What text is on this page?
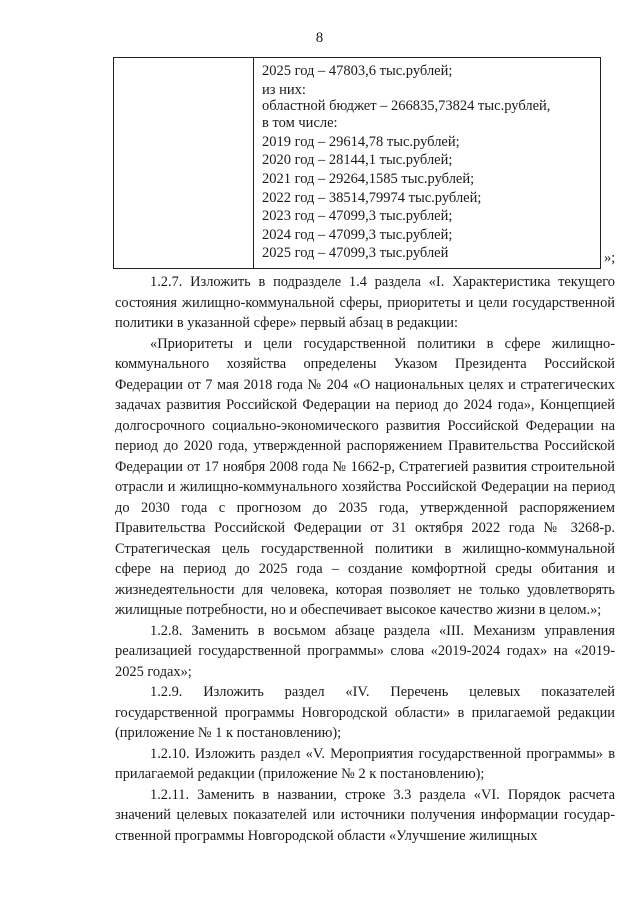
8
2025 год – 47803,6 тыс.рублей;
из них:
областной бюджет – 266835,73824 тыс.рублей,
в том числе:
2019 год – 29614,78 тыс.рублей;
2020 год – 28144,1 тыс.рублей;
2021 год – 29264,1585 тыс.рублей;
2022 год – 38514,79974 тыс.рублей;
2023 год – 47099,3 тыс.рублей;
2024 год – 47099,3 тыс.рублей;
2025 год – 47099,3 тыс.рублей	»;

1.2.7. Изложить в подразделе 1.4 раздела «I. Характеристика текущего состояния жилищно-коммунальной сферы, приоритеты и цели государственной политики в указанной сфере» первый абзац в редакции:

«Приоритеты и цели государственной политики в сфере жилищно-коммунального хозяйства определены Указом Президента Российской Федерации от 7 мая 2018 года № 204 «О национальных целях и стратегических задачах развития Российской Федерации на период до 2024 года», Концепцией долгосрочного социально-экономического развития Российской Федерации на период до 2020 года, утвержденной распоряжением Правительства Российской Федерации от 17 ноября 2008 года № 1662-р, Стратегией развития строительной отрасли и жилищно-коммунального хозяйства Российской Федерации на период до 2030 года с прогнозом до 2035 года, утвержденной распоряжением Правительства Российской Федерации от 31 октября 2022 года № 3268-р. Стратегическая цель государственной политики в жилищно-коммунальной сфере на период до 2025 года – создание комфортной среды обитания и жизнедеятельности для человека, которая позволяет не только удовлетворять жилищные потребности, но и обеспечивает высокое качество жизни в целом.»;

1.2.8. Заменить в восьмом абзаце раздела «III. Механизм управления реализацией государственной программы» слова «2019-2024 годах» на «2019-2025 годах»;

1.2.9. Изложить раздел «IV. Перечень целевых показателей государственной программы Новгородской области» в прилагаемой редакции (приложение № 1 к постановлению);

1.2.10. Изложить раздел «V. Мероприятия государственной программы» в прилагаемой редакции (приложение № 2 к постановлению);

1.2.11. Заменить в названии, строке 3.3 раздела «VI. Порядок расчета значений целевых показателей или источники получения информации государ-ственной программы Новгородской области «Улучшение жилищных
